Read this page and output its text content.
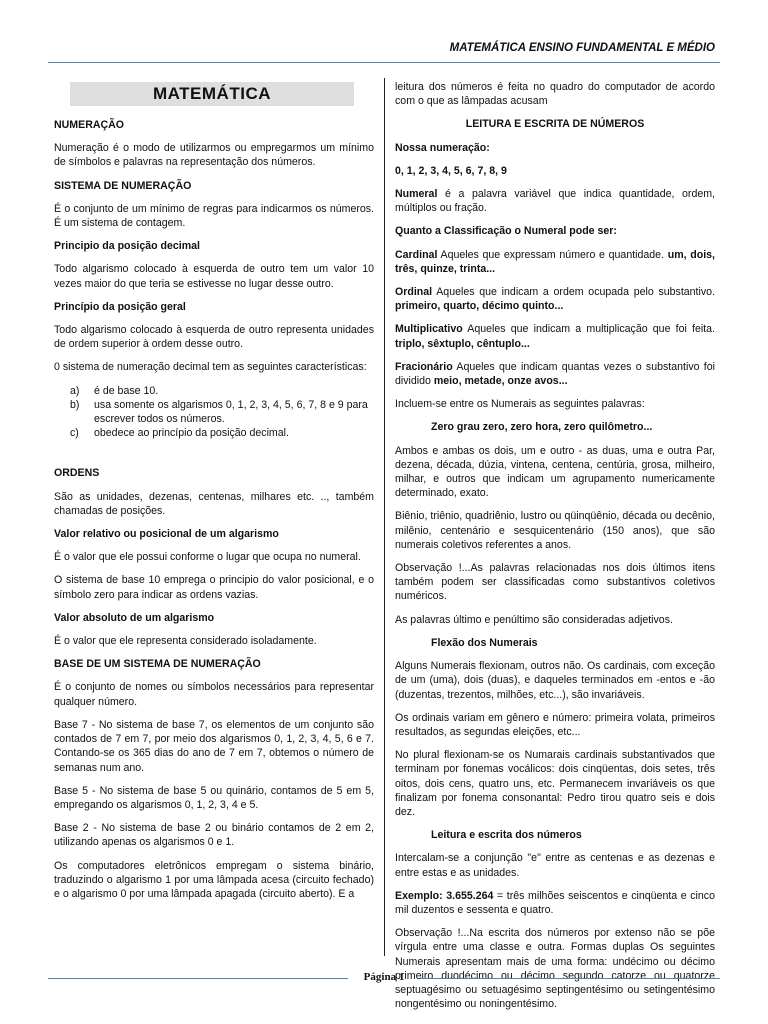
MATEMÁTICA ENSINO FUNDAMENTAL E MÉDIO
MATEMÁTICA

NUMERAÇÃO

Numeração é o modo de utilizarmos ou empregarmos um mínimo de símbolos e palavras na representação dos números.

SISTEMA DE NUMERAÇÃO

É o conjunto de um mínimo de regras para indicarmos os números. É um sistema de contagem.

Principio da posição decimal

Todo algarismo colocado à esquerda de outro tem um valor 10 vezes maior do que teria se estivesse no lugar desse outro.

Princípio da posição geral

Todo algarismo colocado à esquerda de outro representa unidades de ordem superior à ordem desse outro.

0 sistema de numeração decimal tem as seguintes características:

a) é de base 10.
b) usa somente os algarismos 0, 1, 2, 3, 4, 5, 6, 7, 8 e 9 para escrever todos os números.
c) obedece ao princípio da posição decimal.

ORDENS

São as unidades, dezenas, centenas, milhares etc. .., também chamadas de posições.

Valor relativo ou posicional de um algarismo

É o valor que ele possui conforme o lugar que ocupa no numeral.

O sistema de base 10 emprega o principio do valor posicional, e o símbolo zero para indicar as ordens vazias.

Valor absoluto de um algarismo

É o valor que ele representa considerado isoladamente.

BASE DE UM SISTEMA DE NUMERAÇÃO

É o conjunto de nomes ou símbolos necessários para representar qualquer número.

Base 7 - No sistema de base 7, os elementos de um conjunto são contados de 7 em 7, por meio dos algarismos 0, 1, 2, 3, 4, 5, 6 e 7. Contando-se os 365 dias do ano de 7 em 7, obtemos o número de semanas num ano.

Base 5 - No sistema de base 5 ou quinário, contamos de 5 em 5, empregando os algarismos 0, 1, 2, 3, 4 e 5.

Base 2 - No sistema de base 2 ou binário contamos de 2 em 2, utilizando apenas os algarismos 0 e 1.

Os computadores eletrônicos empregam o sistema binário, traduzindo o algarismo 1 por uma lâmpada acesa (circuito fechado) e o algarismo 0 por uma lâmpada apagada (circuito aberto). E a

leitura dos números é feita no quadro do computador de acordo com o que as lâmpadas acusam

LEITURA E ESCRITA DE NÚMEROS

Nossa numeração:

0, 1, 2, 3, 4, 5, 6, 7, 8, 9

Numeral é a palavra variável que indica quantidade, ordem, múltiplos ou fração.

Quanto a Classificação o Numeral pode ser:

Cardinal Aqueles que expressam número e quantidade. um, dois, três, quinze, trinta...

Ordinal Aqueles que indicam a ordem ocupada pelo substantivo. primeiro, quarto, décimo quinto...

Multiplicativo Aqueles que indicam a multiplicação que foi feita. triplo, sêxtuplo, cêntuplo...

Fracionário Aqueles que indicam quantas vezes o substantivo foi dividido meio, metade, onze avos...

Incluem-se entre os Numerais as seguintes palavras:

Zero grau zero, zero hora, zero quilômetro...

Ambos e ambas os dois, um e outro - as duas, uma e outra Par, dezena, década, dúzia, vintena, centena, centúria, grosa, milheiro, milhar, e outros que indicam um agrupamento numericamente determinado, exato.

Biênio, triênio, quadriênio, lustro ou qüinqüênio, década ou decênio, milênio, centenário e sesquicentenário (150 anos), que são numerais coletivos referentes a anos.

Observação !...As palavras relacionadas nos dois últimos itens também podem ser classificadas como substantivos coletivos numéricos.

As palavras último e penúltimo são consideradas adjetivos.

Flexão dos Numerais

Alguns Numerais flexionam, outros não. Os cardinais, com exceção de um (uma), dois (duas), e daqueles terminados em -entos e -ão (duzentas, trezentos, milhões, etc...), são invariáveis.

Os ordinais variam em gênero e número: primeira volata, primeiros resultados, as segundas eleições, etc...

No plural flexionam-se os Numarais cardinais substantivados que terminam por fonemas vocálicos: dois cinqüentas, dois setes, três oitos, dois cens, quatro uns, etc. Permanecem invariáveis os que finalizam por fonema consonantal: Pedro tirou quatro seis e dois dez.

Leitura e escrita dos números

Intercalam-se a conjunção "e" entre as centenas e as dezenas e entre estas e as unidades.

Exemplo: 3.655.264 = três milhões seiscentos e cinqüenta e cinco mil duzentos e sessenta e quatro.

Observação !...Na escrita dos números por extenso não se põe vírgula entre uma classe e outra. Formas duplas Os seguintes Numerais apresentam mais de uma forma: undécimo ou décimo primeiro duodécimo ou décimo segundo catorze ou quatorze septuagésimo ou setuagésimo septingentésimo ou setingentésimo nongentésimo ou noningentésimo.

Página 1
